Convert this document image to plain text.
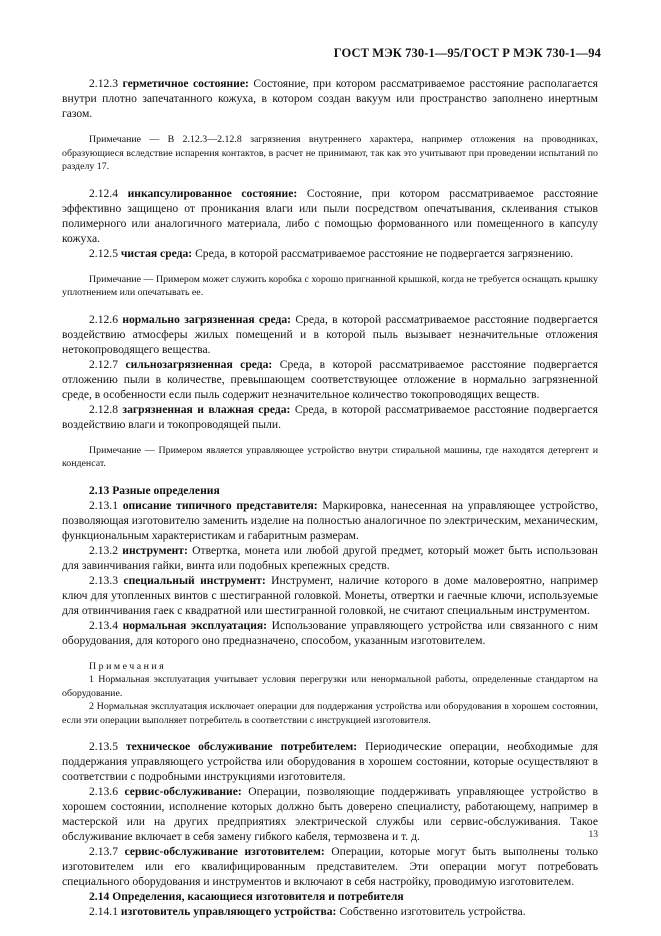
ГОСТ МЭК 730-1—95/ГОСТ Р МЭК 730-1—94

2.12.3 герметичное состояние: Состояние, при котором рассматриваемое расстояние располагается внутри плотно запечатанного кожуха, в котором создан вакуум или пространство заполнено инертным газом.

Примечание — В 2.12.3—2.12.8 загрязнения внутреннего характера, например отложения на проводниках, образующиеся вследствие испарения контактов, в расчет не принимают, так как это учитывают при проведении испытаний по разделу 17.

2.12.4 инкапсулированное состояние: Состояние, при котором рассматриваемое расстояние эффективно защищено от проникания влаги или пыли посредством опечатывания, склеивания стыков полимерного или аналогичного материала, либо с помощью формованного или помещенного в капсулу кожуха.

2.12.5 чистая среда: Среда, в которой рассматриваемое расстояние не подвергается загрязнению.

Примечание — Примером может служить коробка с хорошо пригнанной крышкой, когда не требуется оснащать крышку уплотнением или опечатывать ее.

2.12.6 нормально загрязненная среда: Среда, в которой рассматриваемое расстояние подвергается воздействию атмосферы жилых помещений и в которой пыль вызывает незначительные отложения нетокопроводящего вещества.

2.12.7 сильнозагрязненная среда: Среда, в которой рассматриваемое расстояние подвергается отложению пыли в количестве, превышающем соответствующее отложение в нормально загрязненной среде, в особенности если пыль содержит незначительное количество токопроводящих веществ.

2.12.8 загрязненная и влажная среда: Среда, в которой рассматриваемое расстояние подвергается воздействию влаги и токопроводящей пыли.

Примечание — Примером является управляющее устройство внутри стиральной машины, где находятся детергент и конденсат.

2.13 Разные определения

2.13.1 описание типичного представителя: Маркировка, нанесенная на управляющее устройство, позволяющая изготовителю заменить изделие на полностью аналогичное по электрическим, механическим, функциональным характеристикам и габаритным размерам.

2.13.2 инструмент: Отвертка, монета или любой другой предмет, который может быть использован для завинчивания гайки, винта или подобных крепежных средств.

2.13.3 специальный инструмент: Инструмент, наличие которого в доме маловероятно, например ключ для утопленных винтов с шестигранной головкой. Монеты, отвертки и гаечные ключи, используемые для отвинчивания гаек с квадратной или шестигранной головкой, не считают специальным инструментом.

2.13.4 нормальная эксплуатация: Использование управляющего устройства или связанного с ним оборудования, для которого оно предназначено, способом, указанным изготовителем.

Примечания

1 Нормальная эксплуатация учитывает условия перегрузки или ненормальной работы, определенные стандартом на оборудование.

2 Нормальная эксплуатация исключает операции для поддержания устройства или оборудования в хорошем состоянии, если эти операции выполняет потребитель в соответствии с инструкцией изготовителя.

2.13.5 техническое обслуживание потребителем: Периодические операции, необходимые для поддержания управляющего устройства или оборудования в хорошем состоянии, которые осуществляют в соответствии с подробными инструкциями изготовителя.

2.13.6 сервис-обслуживание: Операции, позволяющие поддерживать управляющее устройство в хорошем состоянии, исполнение которых должно быть доверено специалисту, работающему, например в мастерской или на других предприятиях электрической службы или сервис-обслуживания. Такое обслуживание включает в себя замену гибкого кабеля, термозвена и т. д.

2.13.7 сервис-обслуживание изготовителем: Операции, которые могут быть выполнены только изготовителем или его квалифицированным представителем. Эти операции могут потребовать специального оборудования и инструментов и включают в себя настройку, проводимую изготовителем.

2.14 Определения, касающиеся изготовителя и потребителя

2.14.1 изготовитель управляющего устройства: Собственно изготовитель устройства.

13
